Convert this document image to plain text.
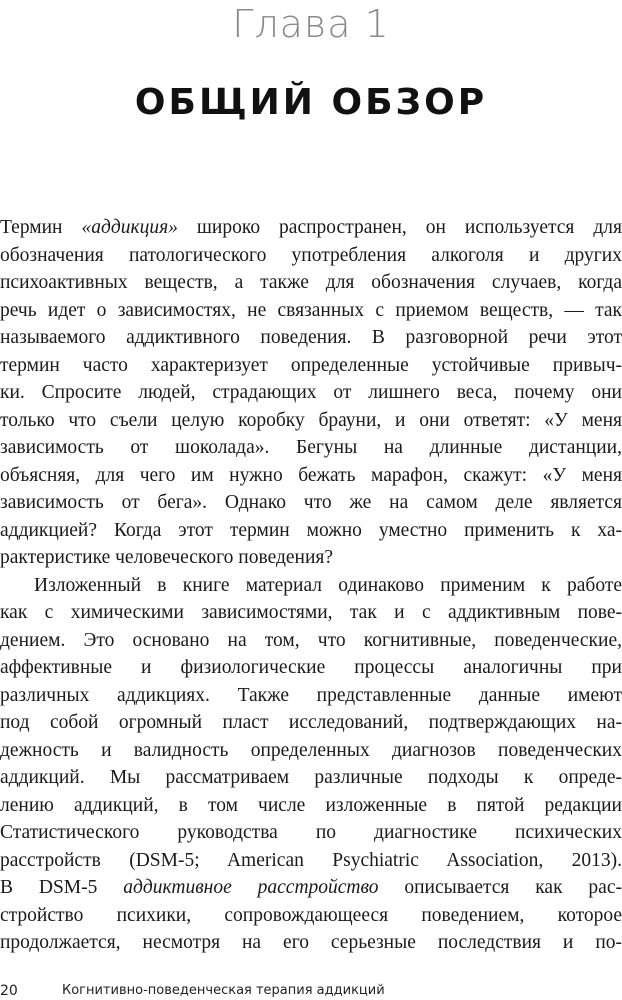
Глава 1
ОБЩИЙ ОБЗОР
Термин «аддикция» широко распространен, он используется для
обозначения патологического употребления алкоголя и других
психоактивных веществ, а также для обозначения случаев, когда
речь идет о зависимостях, не связанных с приемом веществ, — так
называемого аддиктивного поведения. В разговорной речи этот
термин часто характеризует определенные устойчивые привыч-
ки. Спросите людей, страдающих от лишнего веса, почему они
только что съели целую коробку брауни, и они ответят: «У меня
зависимость от шоколада». Бегуны на длинные дистанции,
объясняя, для чего им нужно бежать марафон, скажут: «У меня
зависимость от бега». Однако что же на самом деле является
аддикцией? Когда этот термин можно уместно применить к ха-
рактеристике человеческого поведения?
Изложенный в книге материал одинаково применим к работе
как с химическими зависимостями, так и с аддиктивным пове-
дением. Это основано на том, что когнитивные, поведенческие,
аффективные и физиологические процессы аналогичны при
различных аддикциях. Также представленные данные имеют
под собой огромный пласт исследований, подтверждающих на-
дежность и валидность определенных диагнозов поведенческих
аддикций. Мы рассматриваем различные подходы к опреде-
лению аддикций, в том числе изложенные в пятой редакции
Статистического руководства по диагностике психических
расстройств (DSM-5; American Psychiatric Association, 2013).
В DSM-5 аддиктивное расстройство описывается как рас-
стройство психики, сопровождающееся поведением, которое
продолжается, несмотря на его серьезные последствия и по-
20	Когнитивно-поведенческая терапия аддикций
